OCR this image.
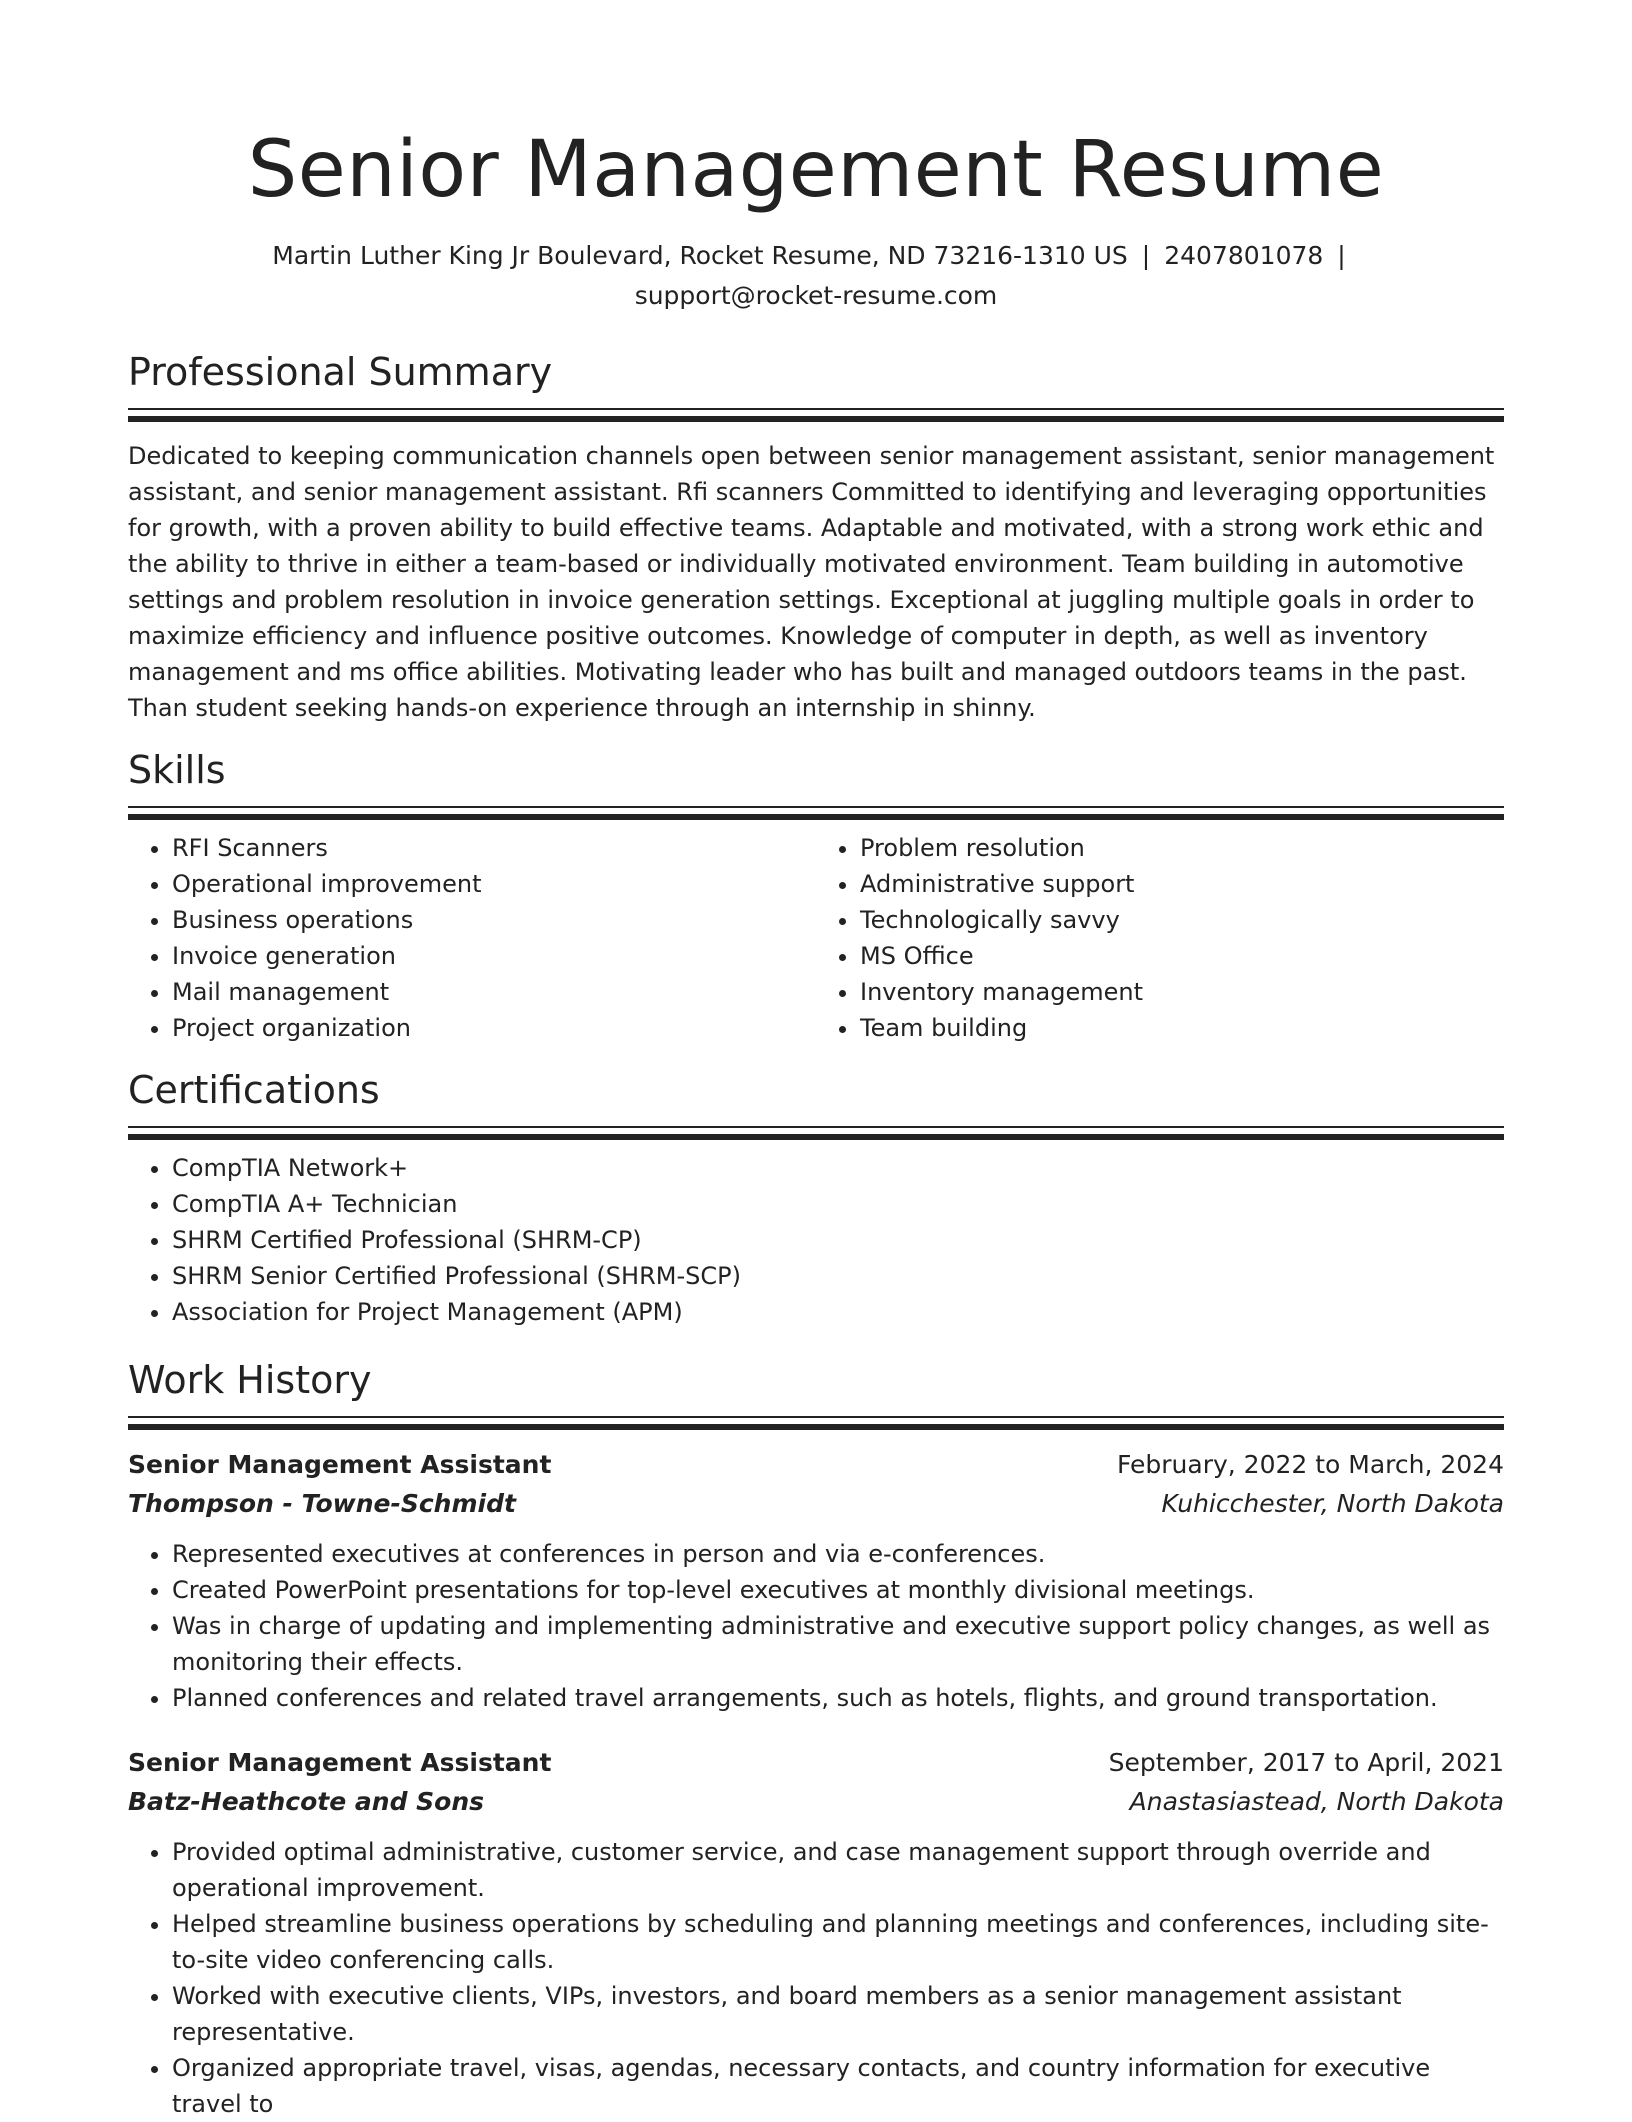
Senior Management Resume
Martin Luther King Jr Boulevard, Rocket Resume, ND 73216-1310 US | 2407801078 |
support@rocket-resume.com
Professional Summary

Dedicated to keeping communication channels open between senior management assistant, senior management assistant, and senior management assistant. Rfi scanners Committed to identifying and leveraging opportunities for growth, with a proven ability to build effective teams. Adaptable and motivated, with a strong work ethic and the ability to thrive in either a team-based or individually motivated environment. Team building in automotive settings and problem resolution in invoice generation settings. Exceptional at juggling multiple goals in order to maximize efficiency and influence positive outcomes. Knowledge of computer in depth, as well as inventory management and ms office abilities. Motivating leader who has built and managed outdoors teams in the past. Than student seeking hands-on experience through an internship in shinny.

Skills
• RFI Scanners
• Operational improvement
• Business operations
• Invoice generation
• Mail management
• Project organization
• Problem resolution
• Administrative support
• Technologically savvy
• MS Office
• Inventory management
• Team building
Certifications
• CompTIA Network+
• CompTIA A+ Technician
• SHRM Certified Professional (SHRM-CP)
• SHRM Senior Certified Professional (SHRM-SCP)
• Association for Project Management (APM)
Work History
Senior Management Assistant	February, 2022 to March, 2024
Thompson - Towne-Schmidt	Kuhicchester, North Dakota
• Represented executives at conferences in person and via e-conferences.
• Created PowerPoint presentations for top-level executives at monthly divisional meetings.
• Was in charge of updating and implementing administrative and executive support policy changes, as well as monitoring their effects.
• Planned conferences and related travel arrangements, such as hotels, flights, and ground transportation.
Senior Management Assistant	September, 2017 to April, 2021
Batz-Heathcote and Sons	Anastasiastead, North Dakota
• Provided optimal administrative, customer service, and case management support through override and operational improvement.
• Helped streamline business operations by scheduling and planning meetings and conferences, including site-to-site video conferencing calls.
• Worked with executive clients, VIPs, investors, and board members as a senior management assistant representative.
• Organized appropriate travel, visas, agendas, necessary contacts, and country information for executive travel to
